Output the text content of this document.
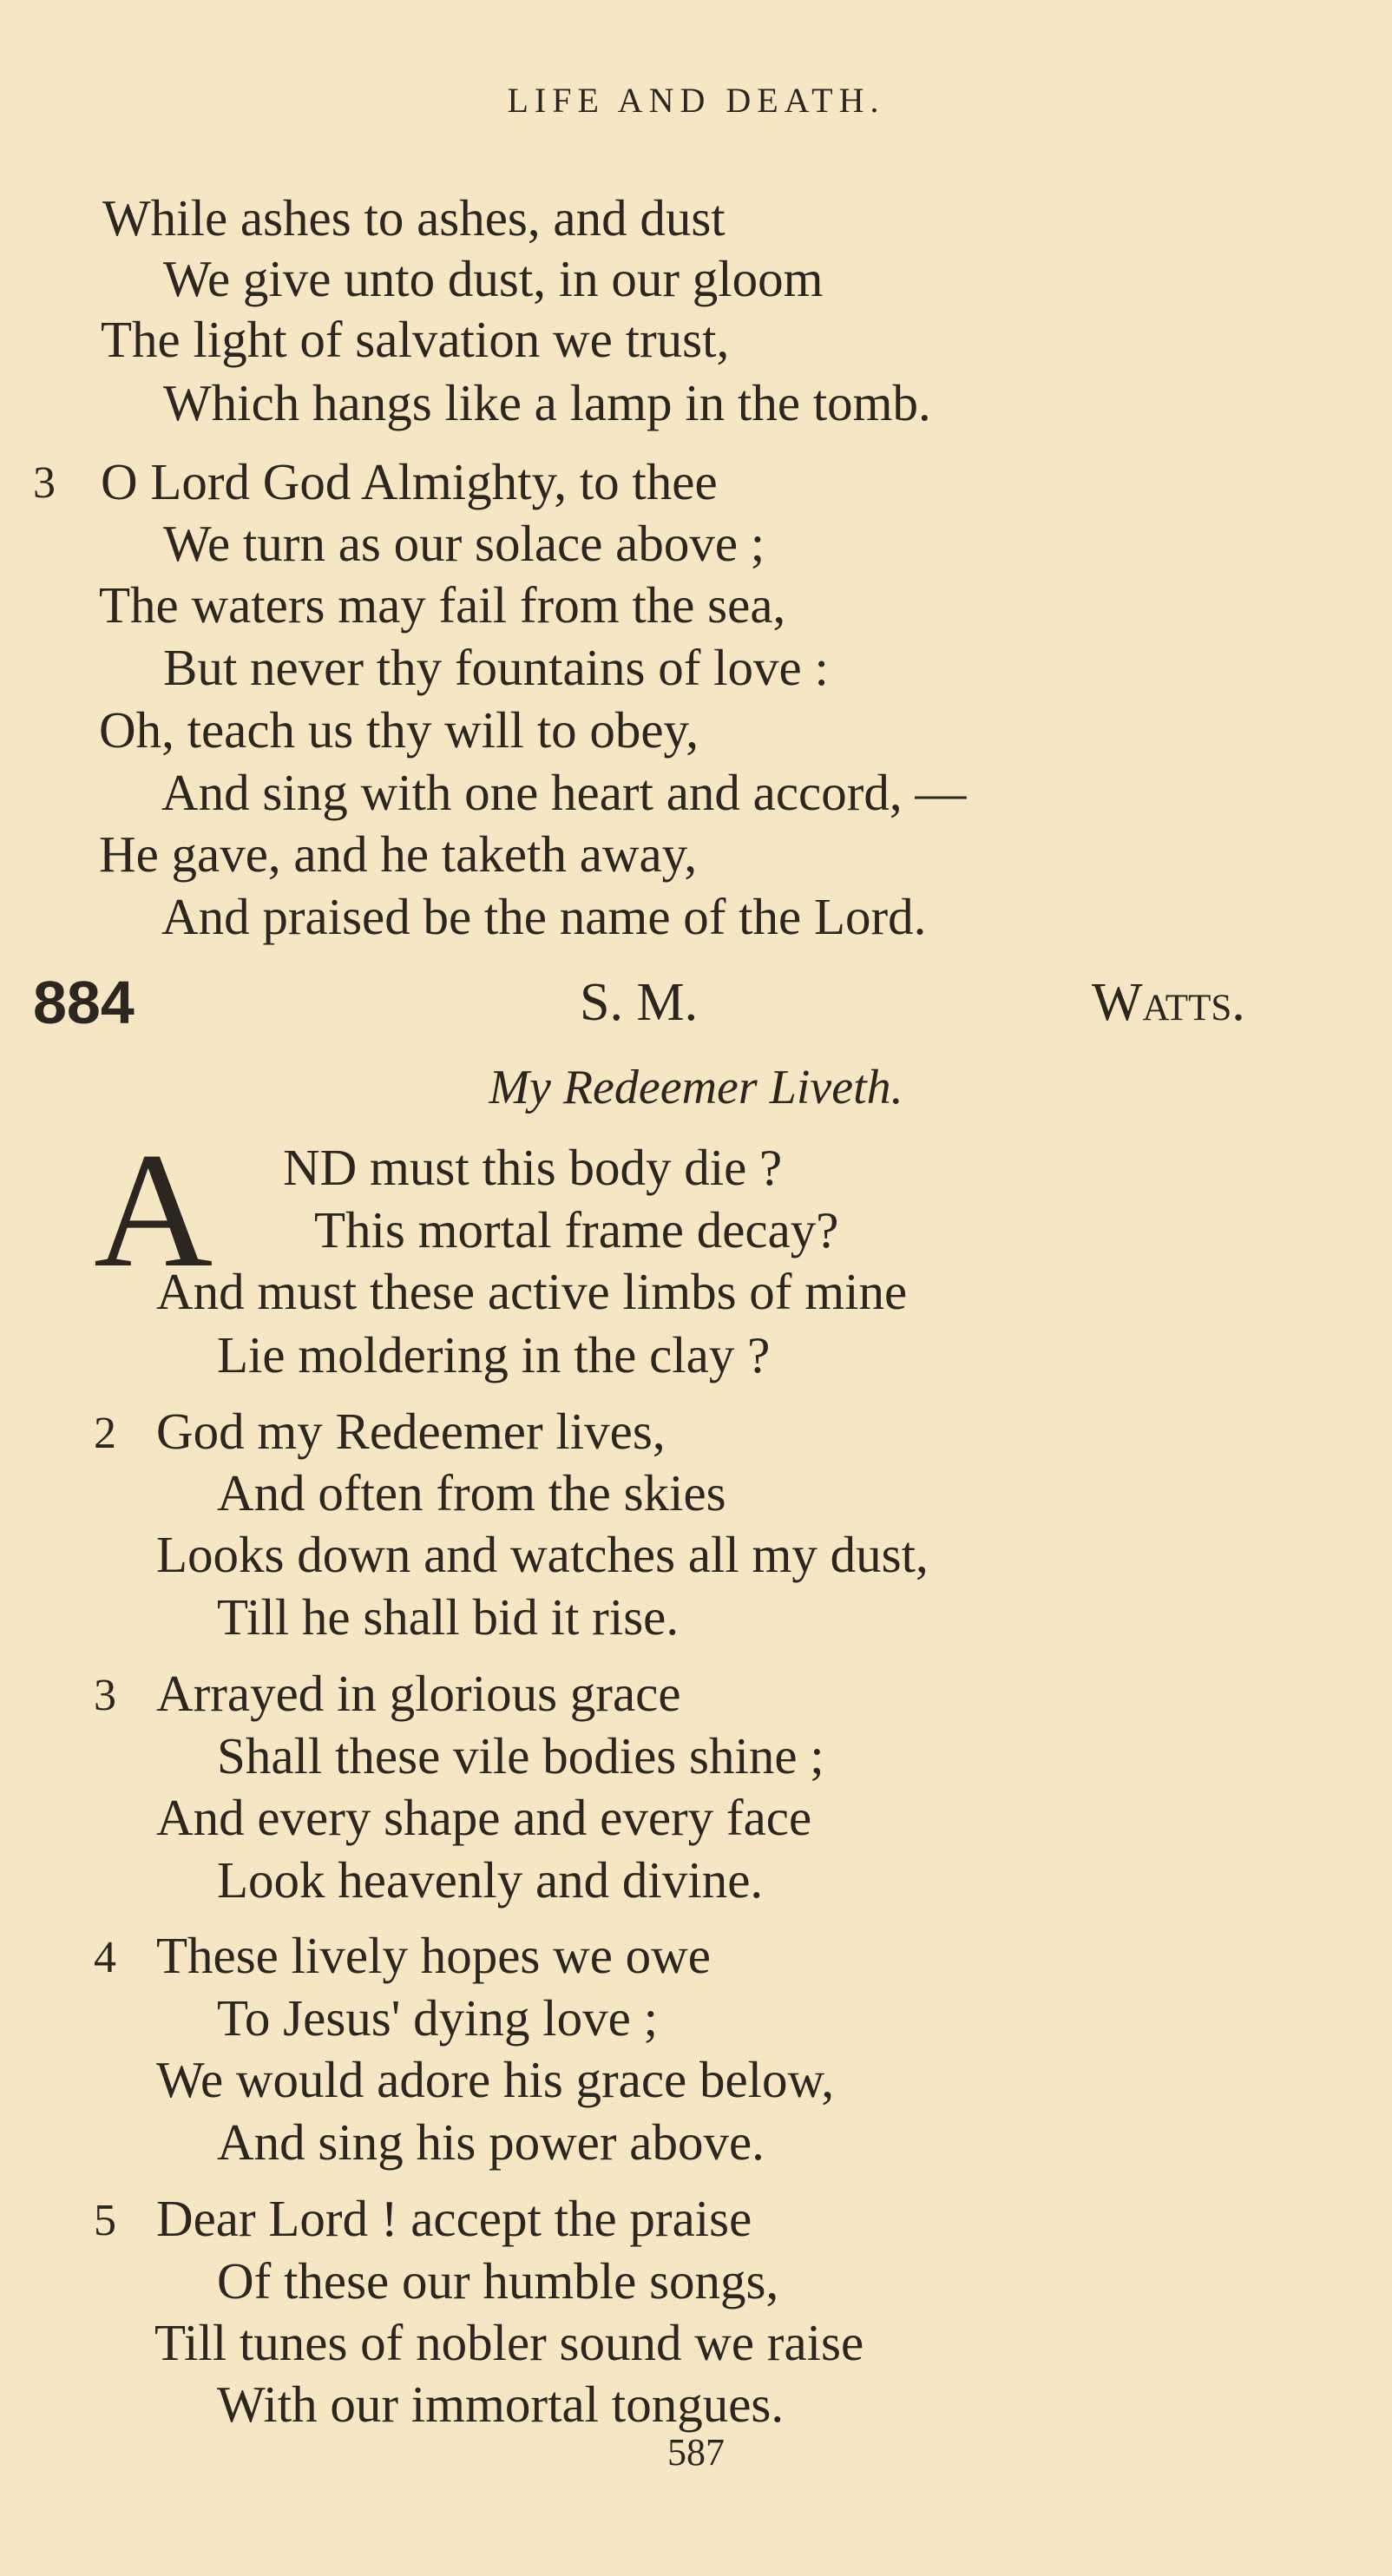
LIFE AND DEATH.
While ashes to ashes, and dust
We give unto dust, in our gloom
The light of salvation we trust,
Which hangs like a lamp in the tomb.
3 O Lord God Almighty, to thee
We turn as our solace above ;
The waters may fail from the sea,
But never thy fountains of love :
Oh, teach us thy will to obey,
And sing with one heart and accord, —
He gave, and he taketh away,
And praised be the name of the Lord.
884	S. M.	Watts.
My Redeemer Liveth.
A ND must this body die ?
This mortal frame decay?
And must these active limbs of mine
Lie moldering in the clay ?
2 God my Redeemer lives,
And often from the skies
Looks down and watches all my dust,
Till he shall bid it rise.
3 Arrayed in glorious grace
Shall these vile bodies shine ;
And every shape and every face
Look heavenly and divine.
4 These lively hopes we owe
To Jesus' dying love ;
We would adore his grace below,
And sing his power above.
5 Dear Lord ! accept the praise
Of these our humble songs,
Till tunes of nobler sound we raise
With our immortal tongues.
587
